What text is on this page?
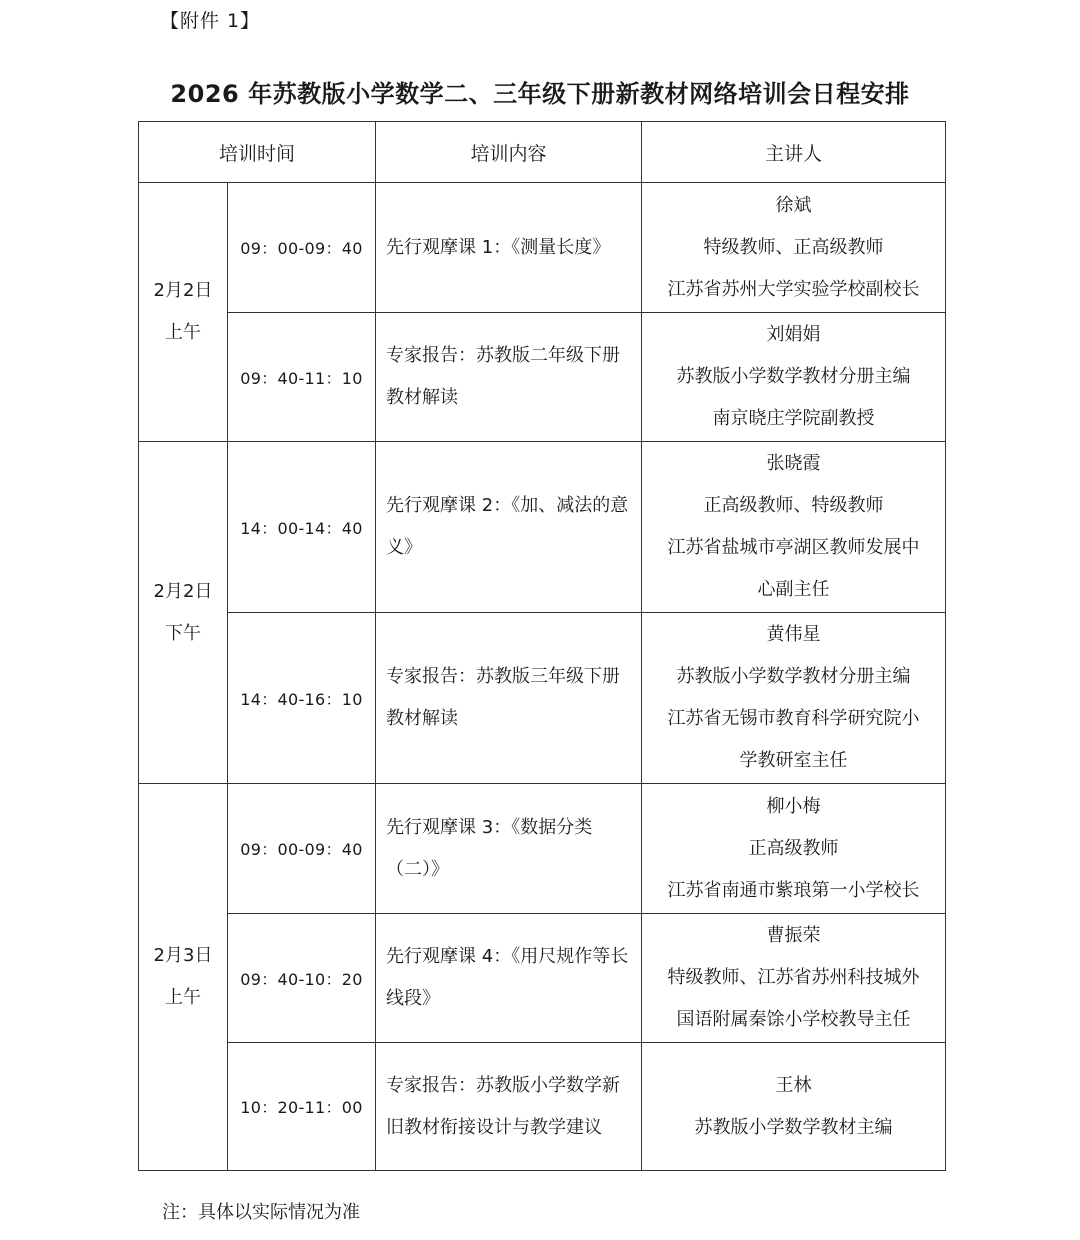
【附件 1】
2026 年苏教版小学数学二、三年级下册新教材网络培训会日程安排
培训时间		培训内容	主讲人

2月2日
上午	09：00-09：40	先行观摩课 1：《测量长度》	徐斌
特级教师、正高级教师
江苏省苏州大学实验学校副校长

	09：40-11：10	专家报告：苏教版二年级下册教材解读	刘娟娟
苏教版小学数学教材分册主编
南京晓庄学院副教授

2月2日
下午	14：00-14：40	先行观摩课 2：《加、减法的意义》	张晓霞
正高级教师、特级教师
江苏省盐城市亭湖区教师发展中
心副主任

	14：40-16：10	专家报告：苏教版三年级下册教材解读	黄伟星
苏教版小学数学教材分册主编
江苏省无锡市教育科学研究院小
学教研室主任

2月3日
上午	09：00-09：40	先行观摩课 3：《数据分类（二）》	柳小梅
正高级教师
江苏省南通市紫琅第一小学校长

	09：40-10：20	先行观摩课 4：《用尺规作等长线段》	曹振荣
特级教师、江苏省苏州科技城外
国语附属秦馀小学校教导主任

	10：20-11：00	专家报告：苏教版小学数学新旧教材衔接设计与教学建议	王林
苏教版小学数学教材主编
注：具体以实际情况为准
